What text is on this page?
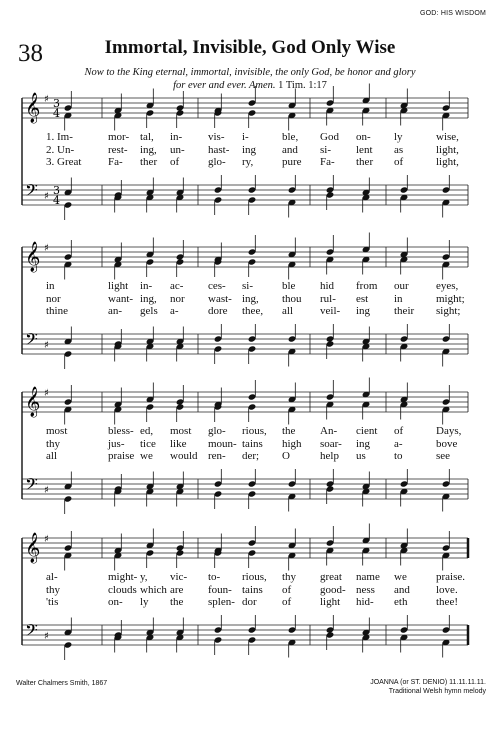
GOD: HIS WISDOM
38	Immortal, Invisible, God Only Wise
Now to the King eternal, immortal, invisible, the only God, be honor and glory
for ever and ever. Amen. 1 Tim. 1:17
𝄞
𝄢
♯
♯
3
4
3
4
𝄞
𝄢
♯
♯
𝄞
𝄢
♯
♯
𝄞
𝄢
♯
♯
1. Im-	mor- tal, in- vis- i-	ble, God on- ly	wise,
2. Un-	rest- ing, un- hast- ing and si- lent as	light,
3. Great Fa- ther of	glo- ry,	pure Fa- ther of	light,
in	light in- ac- ces- si-	ble hid from our eyes,
nor	want- ing, nor wast- ing, thou rul- est in	might;
thine	an- gels a-	dore thee, all veil- ing their sight;
most	bless- ed, most glo- rious, the An- cient of	Days,
thy	jus- tice like moun- tains high soar- ing a-	bove
all	praise we would ren- der; O	help us	to	see
al-	might- y, vic- to- rious, thy great name we	praise.
thy	clouds which are foun- tains of	good- ness and love.
'tis	on- ly the splen- dor of	light hid- eth	thee!
Walter Chalmers Smith, 1867	JOANNA (or ST. DENIO) 11.11.11.11.
Traditional Welsh hymn melody
